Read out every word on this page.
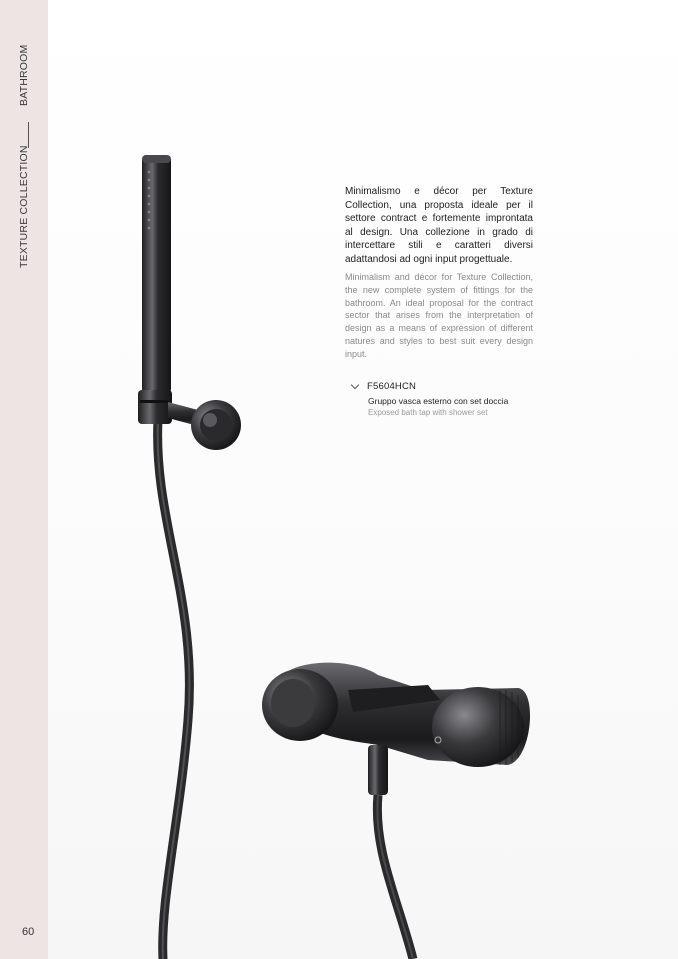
BATHROOM
TEXTURE COLLECTION
60

Minimalismo e décor per Texture Collection, una proposta ideale per il settore contract e fortemente improntata al design. Una collezione in grado di intercettare stili e caratteri diversi adattandosi ad ogni input progettuale.

Minimalism and décor for Texture Collection, the new complete system of fittings for the bathroom. An ideal proposal for the contract sector that arises from the interpretation of design as a means of expression of different natures and styles to best suit every design input.

F5604HCN

Gruppo vasca esterno con set doccia

Exposed bath tap with shower set
